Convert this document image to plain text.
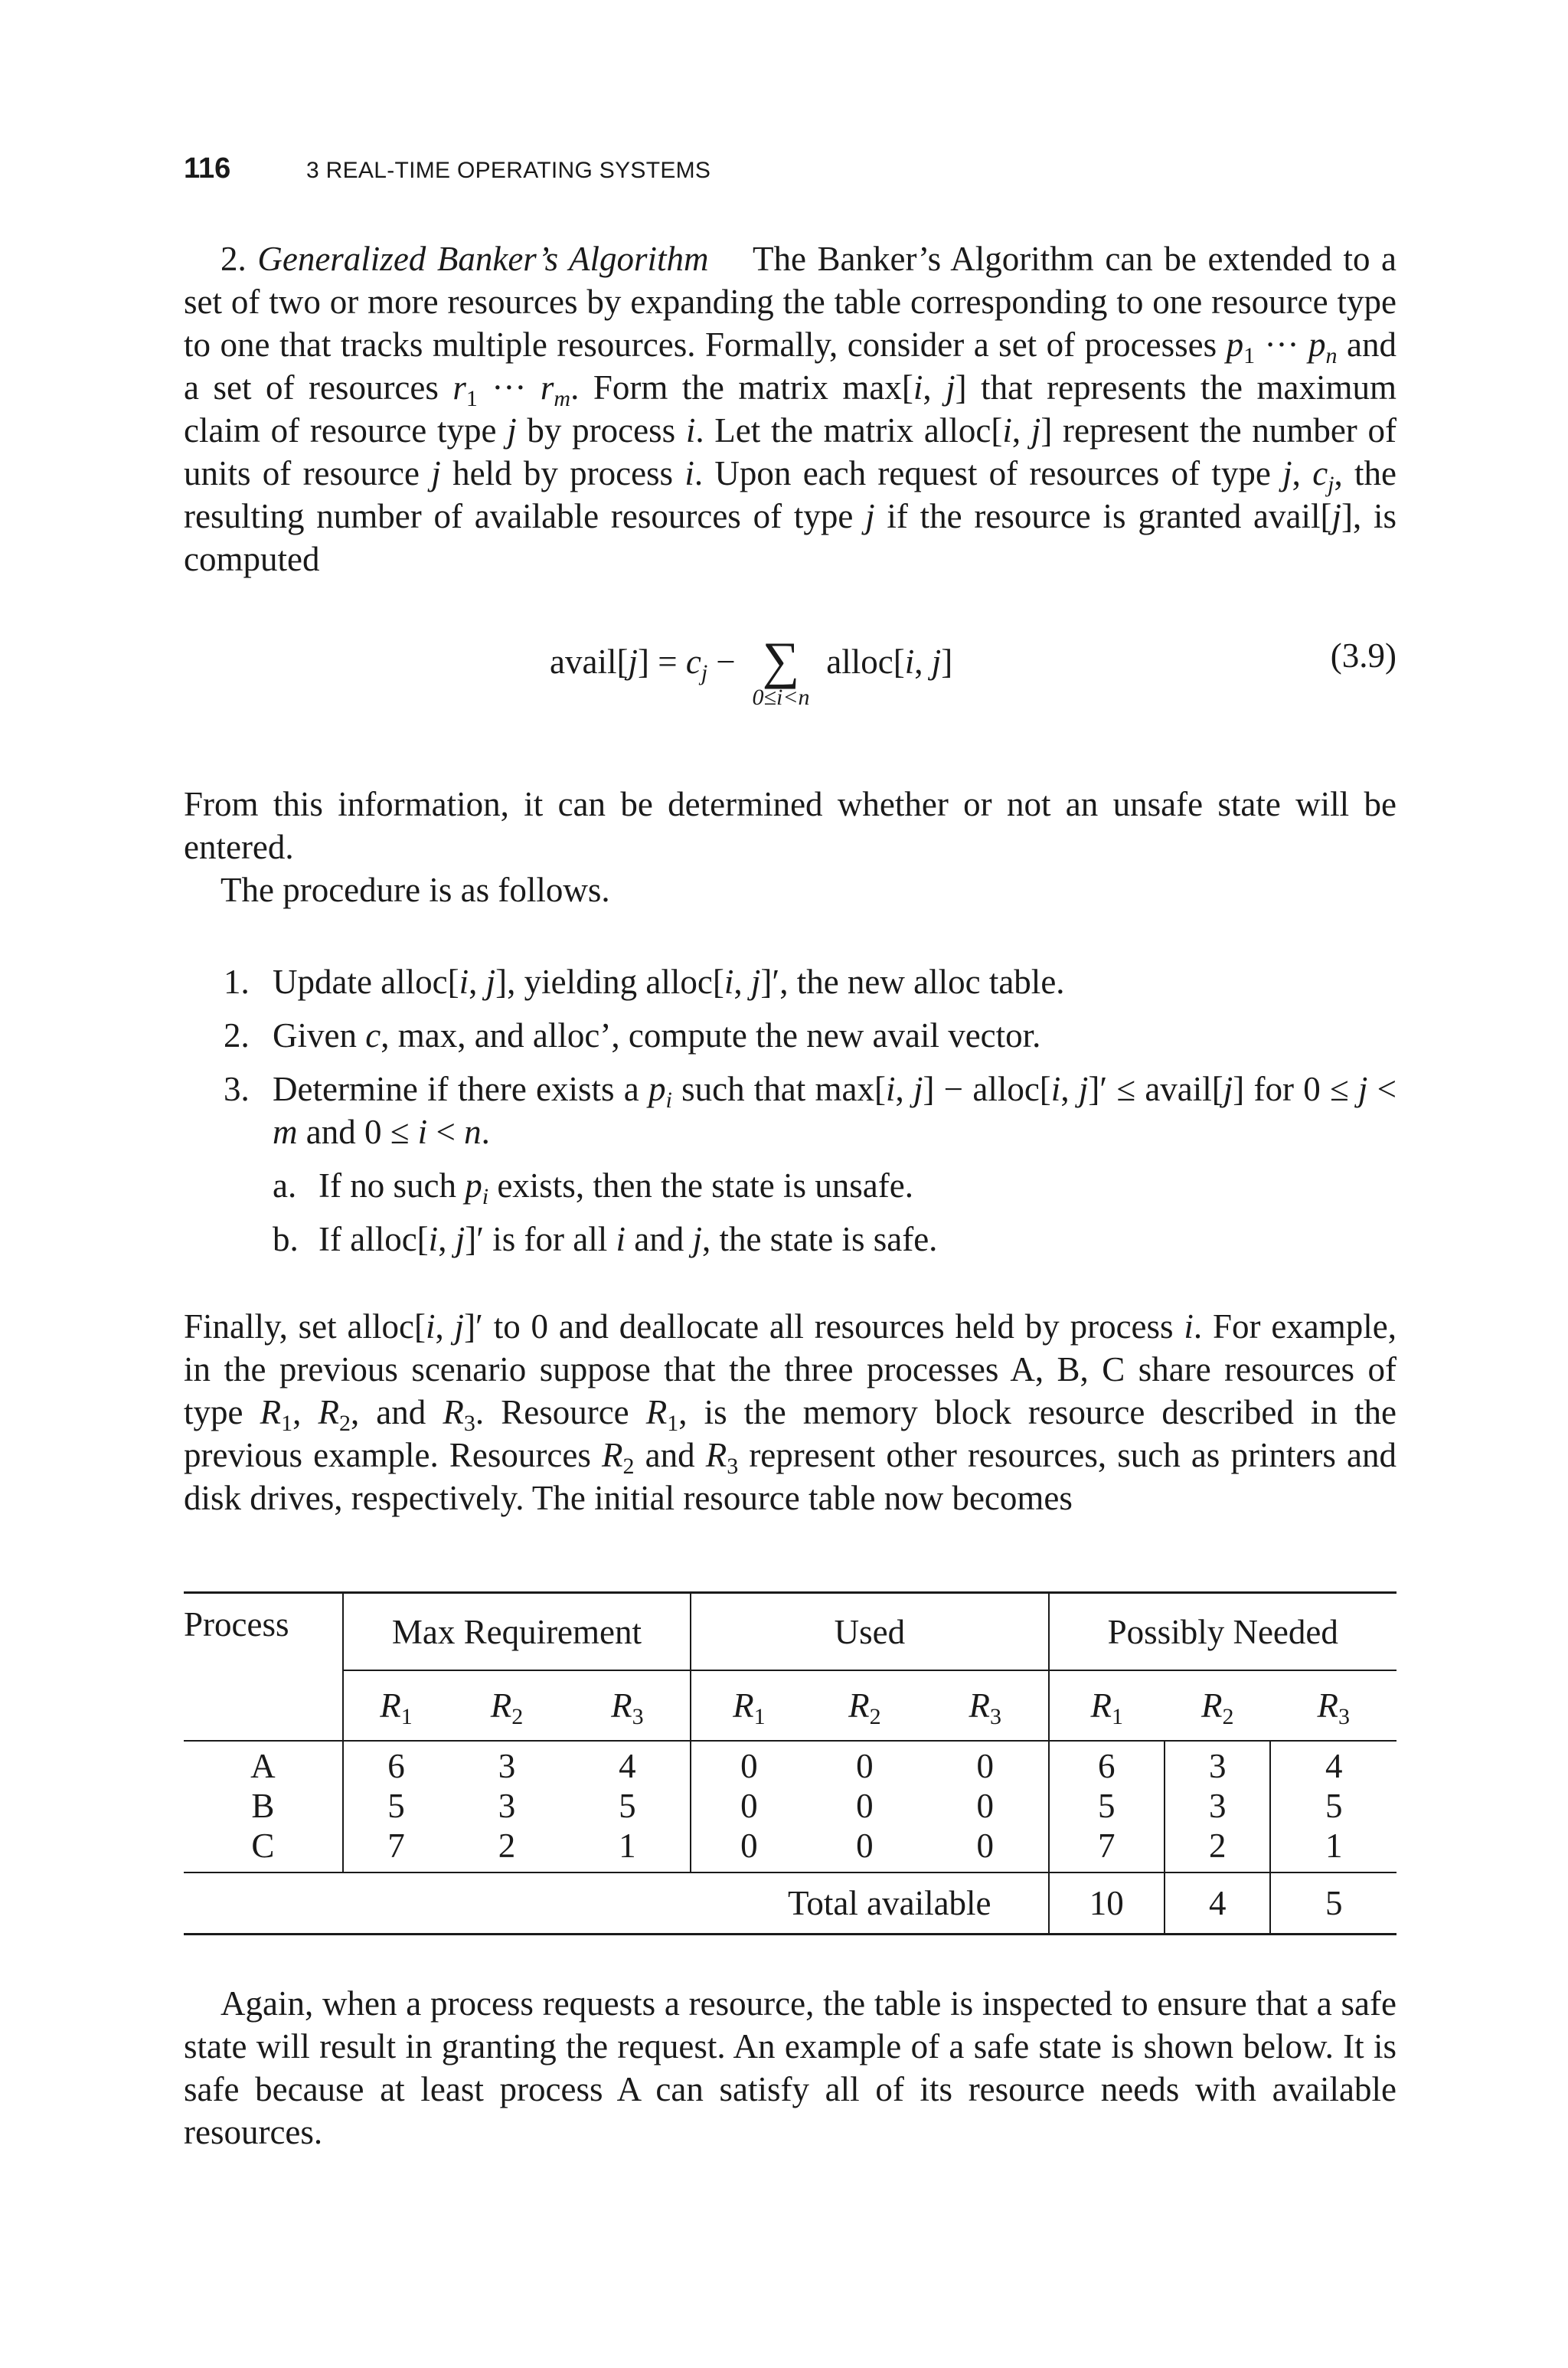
116	3 REAL-TIME OPERATING SYSTEMS

2. Generalized Banker’s Algorithm The Banker’s Algorithm can be extended to a set of two or more resources by expanding the table corresponding to one resource type to one that tracks multiple resources. Formally, consider a set of processes $p_1$ ··· $p_n$ and a set of resources $r_1$ ··· $r_m$. Form the matrix max[i, j] that represents the maximum claim of resource type j by process i. Let the matrix alloc[i, j] represent the number of units of resource j held by process i. Upon each request of resources of type j, $c_j$, the resulting number of available resources of type j if the resource is granted avail[j], is computed

avail[j] = $c_j$ − ∑
0≤i<n
alloc[i, j]	(3.9)

From this information, it can be determined whether or not an unsafe state will be entered.

The procedure is as follows.

1. Update alloc[i, j], yielding alloc[i, j]′, the new alloc table.
2. Given c, max, and alloc’, compute the new avail vector.
3. Determine if there exists a $p_i$ such that max[i, j] − alloc[i, j]′ ≤ avail[j] for 0 ≤ j < m and 0 ≤ i < n.
a. If no such $p_i$ exists, then the state is unsafe.
b. If alloc[i, j]′ is for all i and j, the state is safe.

Finally, set alloc[i, j]′ to 0 and deallocate all resources held by process i. For example, in the previous scenario suppose that the three processes A, B, C share resources of type $R_1$, $R_2$, and $R_3$. Resource $R_1$, is the memory block resource described in the previous example. Resources $R_2$ and $R_3$ represent other resources, such as printers and disk drives, respectively. The initial resource table now becomes

Process	Max Requirement			Used			Possibly Needed		
	$R_1$	$R_2$	$R_3$	$R_1$	$R_2$	$R_3$	$R_1$	$R_2$	$R_3$
A	6	3	4	0	0	0	6	3	4
B	5	3	5	0	0	0	5	3	5
C	7	2	1	0	0	0	7	2	1
Total available							10	4	5

Again, when a process requests a resource, the table is inspected to ensure that a safe state will result in granting the request. An example of a safe state is shown below. It is safe because at least process A can satisfy all of its resource needs with available resources.
